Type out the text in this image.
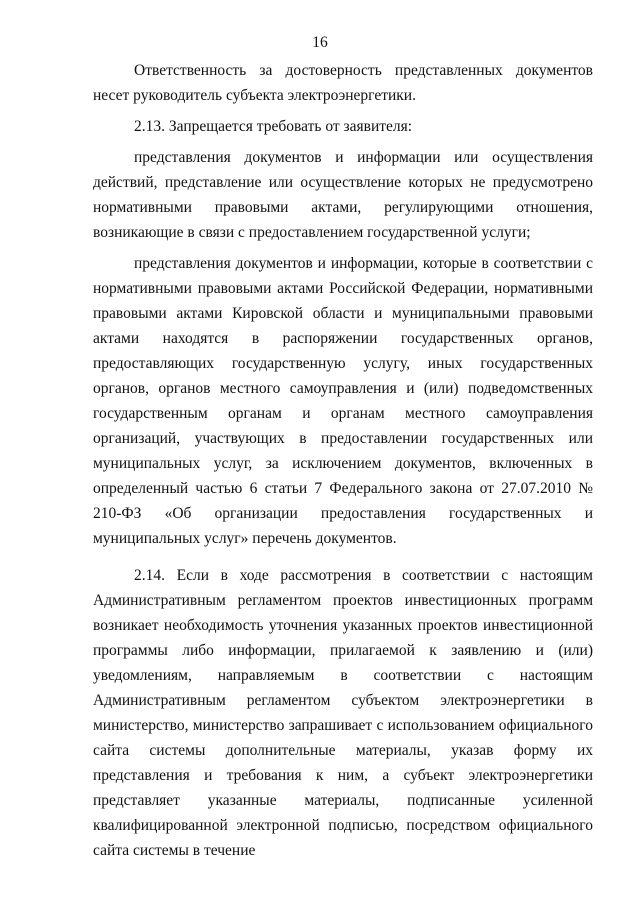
16

Ответственность за достоверность представленных документов несет руководитель субъекта электроэнергетики.

2.13. Запрещается требовать от заявителя:

представления документов и информации или осуществления действий, представление или осуществление которых не предусмотрено нормативными правовыми актами, регулирующими отношения, возникающие в связи с предоставлением государственной услуги;

представления документов и информации, которые в соответствии с нормативными правовыми актами Российской Федерации, нормативными правовыми актами Кировской области и муниципальными правовыми актами находятся в распоряжении государственных органов, предоставляющих государственную услугу, иных государственных органов, органов местного самоуправления и (или) подведомственных государственным органам и органам местного самоуправления организаций, участвующих в предоставлении государственных или муниципальных услуг, за исключением документов, включенных в определенный частью 6 статьи 7 Федерального закона от 27.07.2010 № 210-ФЗ «Об организации предоставления государственных и муниципальных услуг» перечень документов.

2.14. Если в ходе рассмотрения в соответствии с настоящим Административным регламентом проектов инвестиционных программ возникает необходимость уточнения указанных проектов инвестиционной программы либо информации, прилагаемой к заявлению и (или) уведомлениям, направляемым в соответствии с настоящим Административным регламентом субъектом электроэнергетики в министерство, министерство запрашивает с использованием официального сайта системы дополнительные материалы, указав форму их представления и требования к ним, а субъект электроэнергетики представляет указанные материалы, подписанные усиленной квалифицированной электронной подписью, посредством официального сайта системы в течение
